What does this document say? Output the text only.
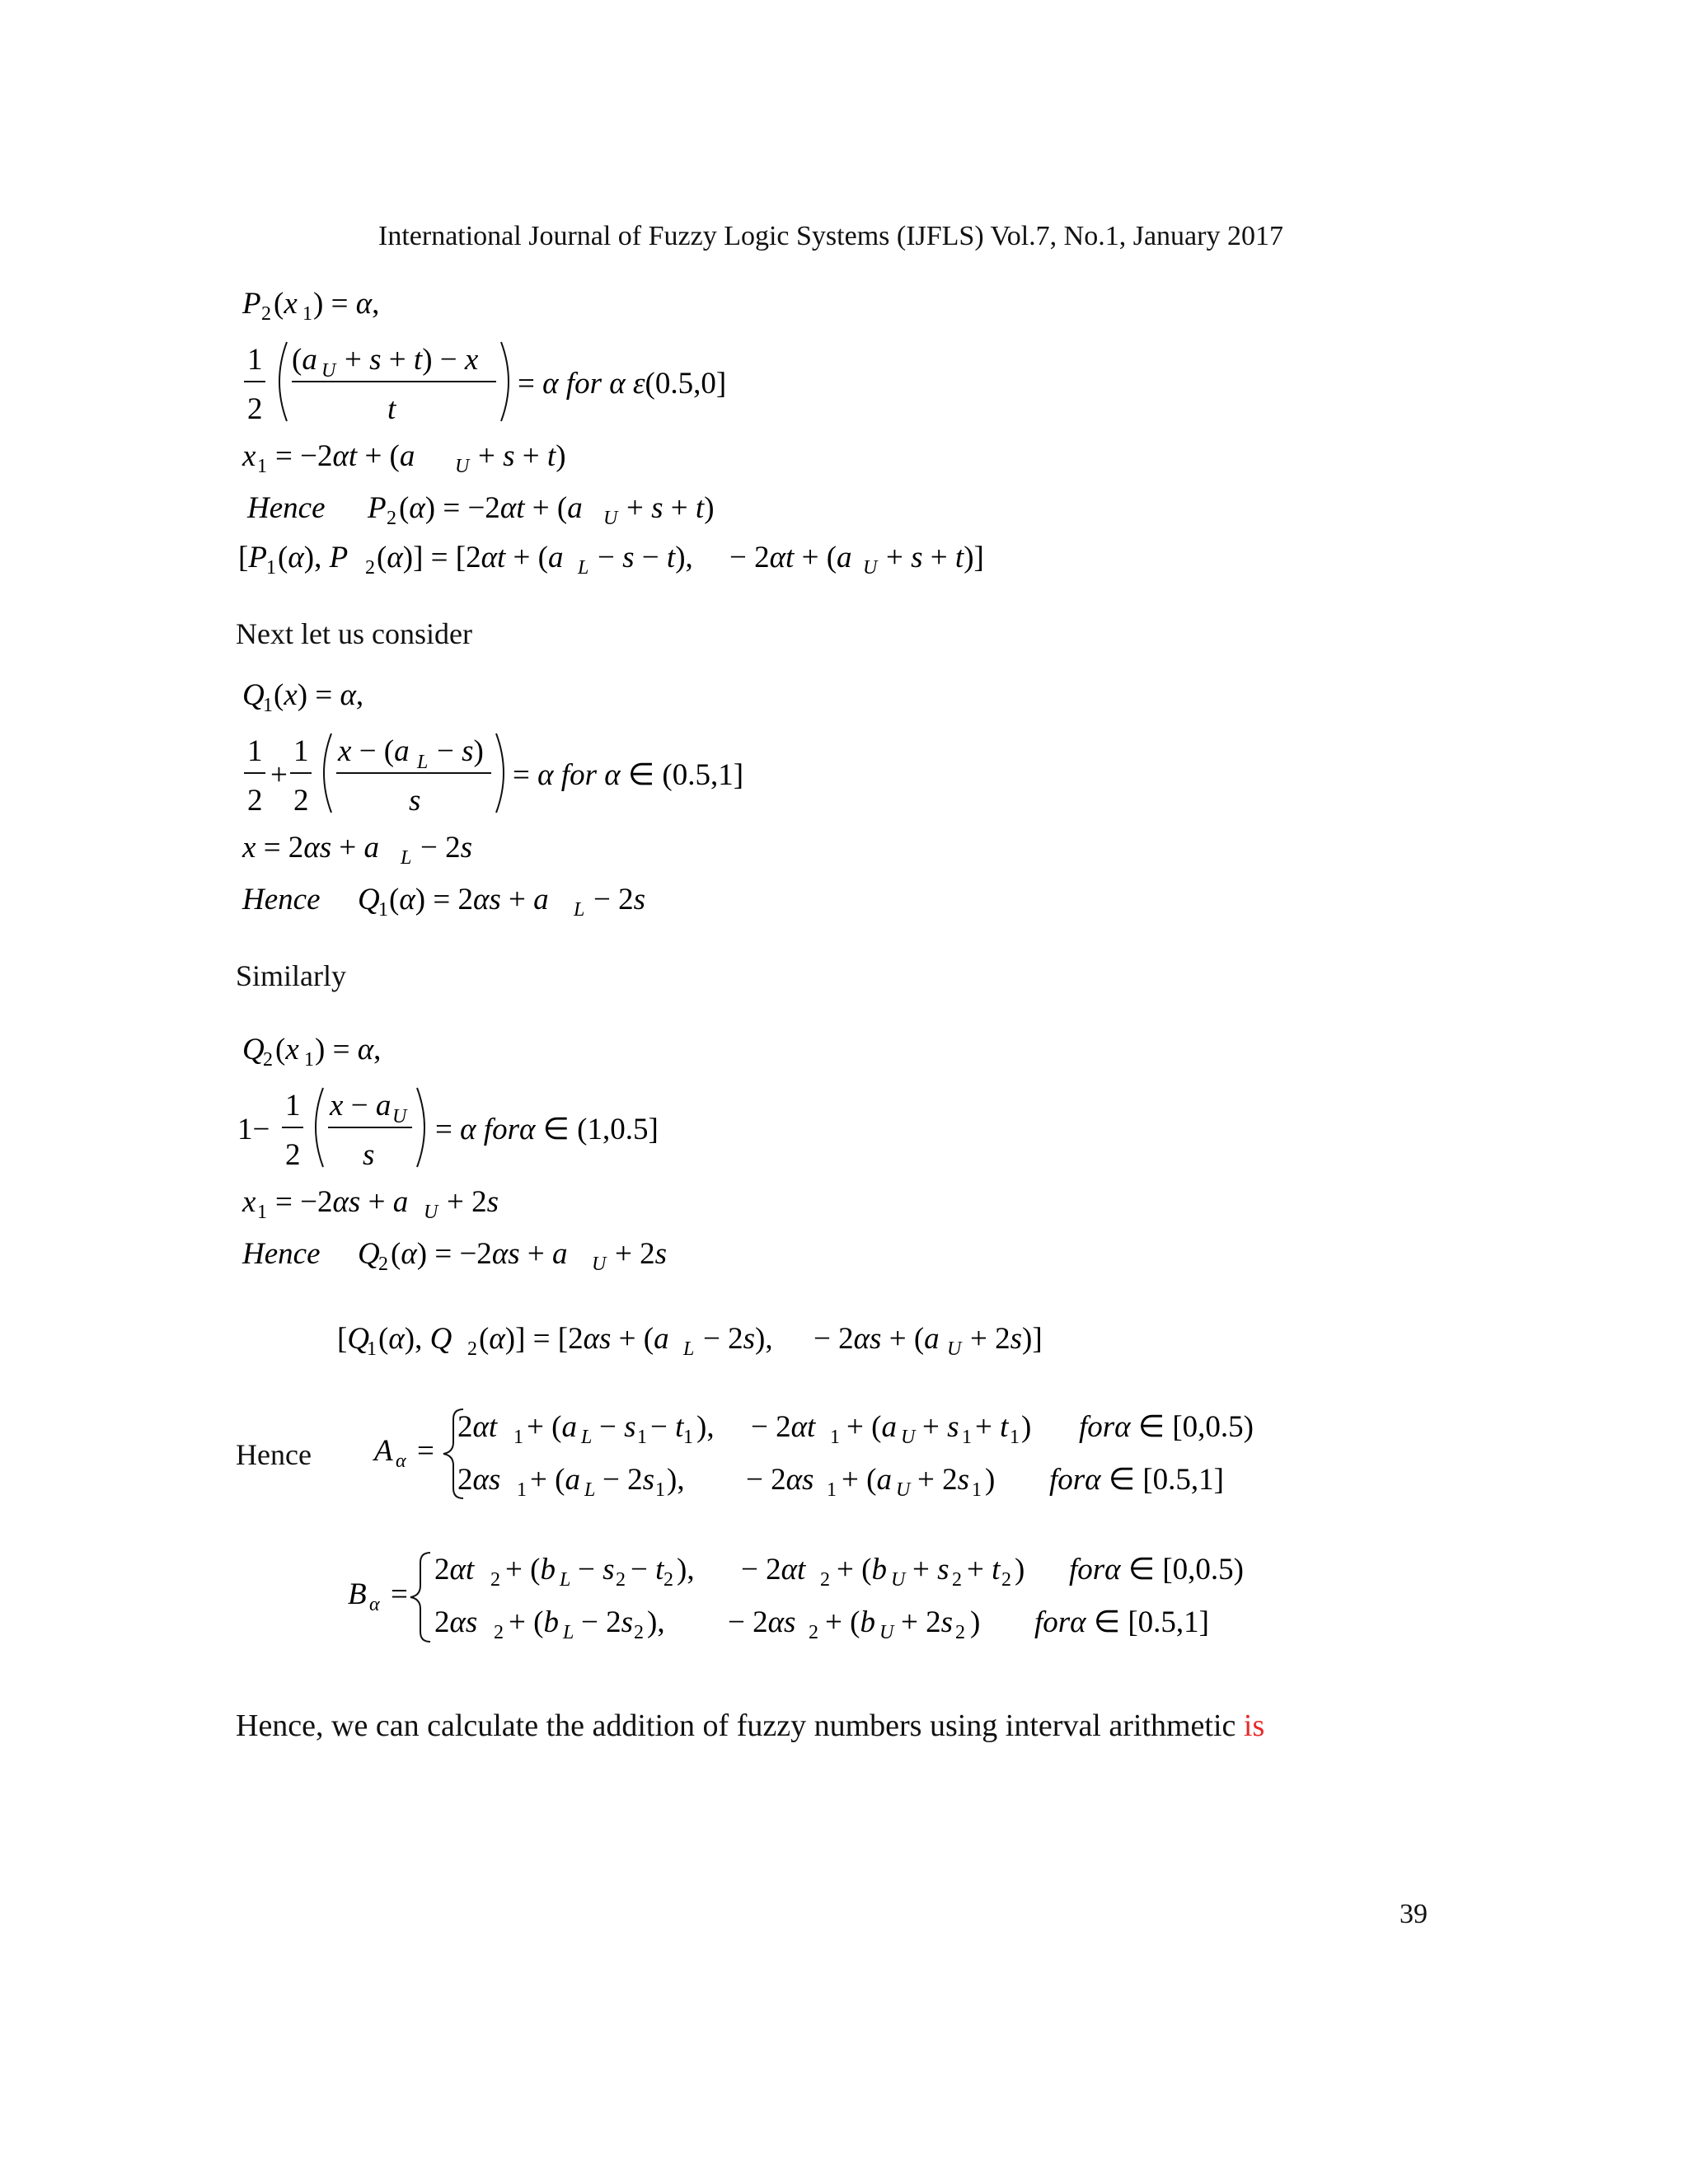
International Journal of Fuzzy Logic Systems (IJFLS) Vol.7, No.1, January 2017
P 2 (x 1 ) = α,
1
2
(a U + s + t) − x
t
= α for α ε(0.5,0]
x 1 = −2αt + (a U + s + t)
Hence P 2 (α) = −2αt + (a U + s + t)
[P 1 (α), P 2 (α)] = [2αt + (a L − s − t), − 2αt + (a U + s + t)]
Next let us consider
Q
1 (x) = α,
1
2
+
1
2
x − (a L − s)
s
= α for α ∈ (0.5,1]
x = 2αs + a L − 2s
Hence Q
1 (α) = 2αs + a L − 2s
Similarly
Q
2 (x 1 ) = α,
1−
1
2
x − a U
s
= α forα ∈ (1,0.5]
x 1 = −2αs + a U + 2s
Hence Q
2 (α) = −2αs + a U + 2s
[Q
1 (α), Q 2 (α)] = [2αs + (a L − 2s), − 2αs + (a U + 2s)]
Hence A α =
2αt 1 + (a L − s 1 − t 1 ), − 2αt 1 + (a U + s 1 + t 1 ) forα ∈ [0,0.5)
2αs 1 + (a L − 2s 1 ), − 2αs 1 + (a U + 2s 1 ) forα ∈ [0.5,1]
B α =
2αt 2 + (b L − s 2 − t 2 ), − 2αt 2 + (b U + s 2 + t 2 ) forα ∈ [0,0.5)
2αs 2 + (b L − 2s 2 ), − 2αs 2 + (b U + 2s 2 ) forα ∈ [0.5,1]
Hence, we can calculate the addition of fuzzy numbers using interval arithmetic is
39
